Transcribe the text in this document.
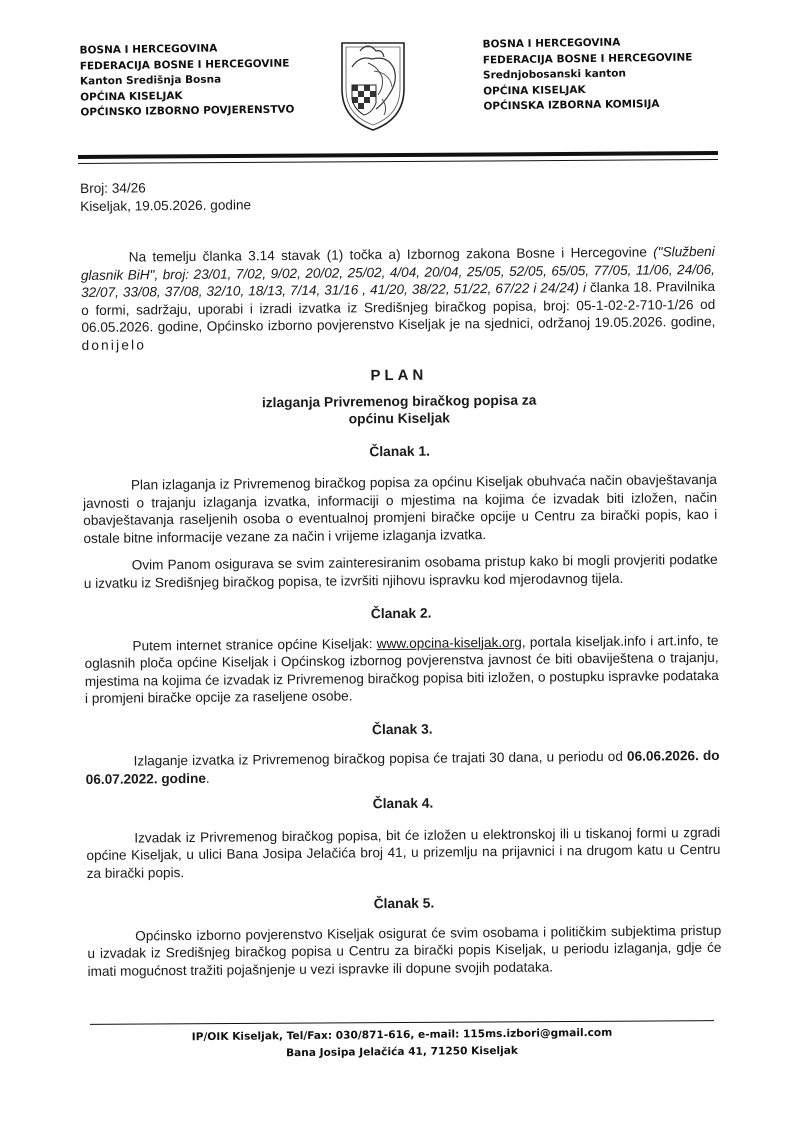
BOSNA I HERCEGOVINA
FEDERACIJA BOSNE I HERCEGOVINE
Kanton Središnja Bosna
OPĆINA KISELJAK
OPĆINSKO IZBORNO POVJERENSTVO
BOSNA I HERCEGOVINA
FEDERACIJA BOSNE I HERCEGOVINE
Srednjobosanski kanton
OPĆINA KISELJAK
OPĆINSKA IZBORNA KOMISIJA
Broj: 34/26
Kiseljak, 19.05.2026. godine

Na temelju članka 3.14 stavak (1) točka a) Izbornog zakona Bosne i Hercegovine ("Službeni glasnik BiH", broj: 23/01, 7/02, 9/02, 20/02, 25/02, 4/04, 20/04, 25/05, 52/05, 65/05, 77/05, 11/06, 24/06, 32/07, 33/08, 37/08, 32/10, 18/13, 7/14, 31/16 , 41/20, 38/22, 51/22, 67/22 i 24/24) i članka 18. Pravilnika o formi, sadržaju, uporabi i izradi izvatka iz Središnjeg biračkog popisa, broj: 05-1-02-2-710-1/26 od 06.05.2026. godine, Općinsko izborno povjerenstvo Kiseljak je na sjednici, održanoj 19.05.2026. godine, donijelo

PLAN
izlaganja Privremenog biračkog popisa za
općinu Kiseljak
Članak 1.

Plan izlaganja iz Privremenog biračkog popisa za općinu Kiseljak obuhvaća način obavještavanja javnosti o trajanju izlaganja izvatka, informaciji o mjestima na kojima će izvadak biti izložen, način obavještavanja raseljenih osoba o eventualnoj promjeni biračke opcije u Centru za birački popis, kao i ostale bitne informacije vezane za način i vrijeme izlaganja izvatka.

Ovim Panom osigurava se svim zainteresiranim osobama pristup kako bi mogli provjeriti podatke u izvatku iz Središnjeg biračkog popisa, te izvršiti njihovu ispravku kod mjerodavnog tijela.

Članak 2.

Putem internet stranice općine Kiseljak: www.opcina-kiseljak.org, portala kiseljak.info i art.info, te oglasnih ploča općine Kiseljak i Općinskog izbornog povjerenstva javnost će biti obaviještena o trajanju, mjestima na kojima će izvadak iz Privremenog biračkog popisa biti izložen, o postupku ispravke podataka i promjeni biračke opcije za raseljene osobe.

Članak 3.

Izlaganje izvatka iz Privremenog biračkog popisa će trajati 30 dana, u periodu od 06.06.2026. do 06.07.2022. godine.

Članak 4.

Izvadak iz Privremenog biračkog popisa, bit će izložen u elektronskoj ili u tiskanoj formi u zgradi općine Kiseljak, u ulici Bana Josipa Jelačića broj 41, u prizemlju na prijavnici i na drugom katu u Centru za birački popis.

Članak 5.

Općinsko izborno povjerenstvo Kiseljak osigurat će svim osobama i političkim subjektima pristup u izvadak iz Središnjeg biračkog popisa u Centru za birački popis Kiseljak, u periodu izlaganja, gdje će imati mogućnost tražiti pojašnjenje u vezi ispravke ili dopune svojih podataka.

IP/OIK Kiseljak, Tel/Fax: 030/871-616, e-mail: 115ms.izbori@gmail.com
Bana Josipa Jelačića 41, 71250 Kiseljak
